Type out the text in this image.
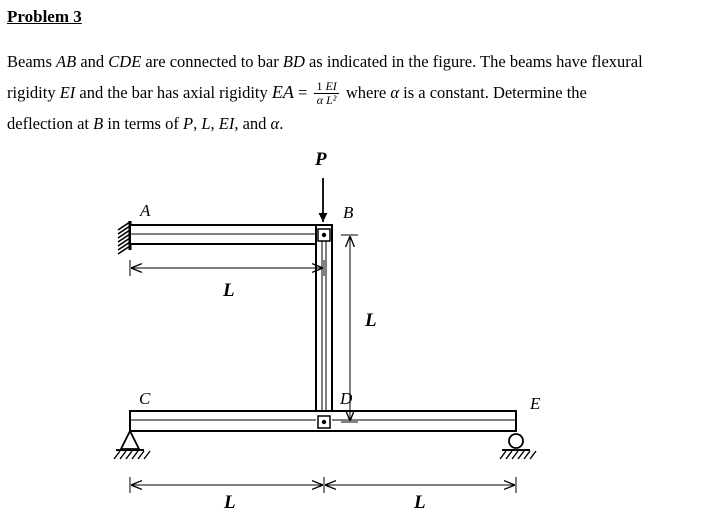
Problem 3
Beams AB and CDE are connected to bar BD as indicated in the figure. The beams have flexural
rigidity EI and the bar has axial rigidity EA = $\frac{1 EI}{\text{α L²}}$ where α is a constant. Determine the
deflection at B in terms of P, L, EI, and α.
P
A	B
C	D	E
L
L
L	L
